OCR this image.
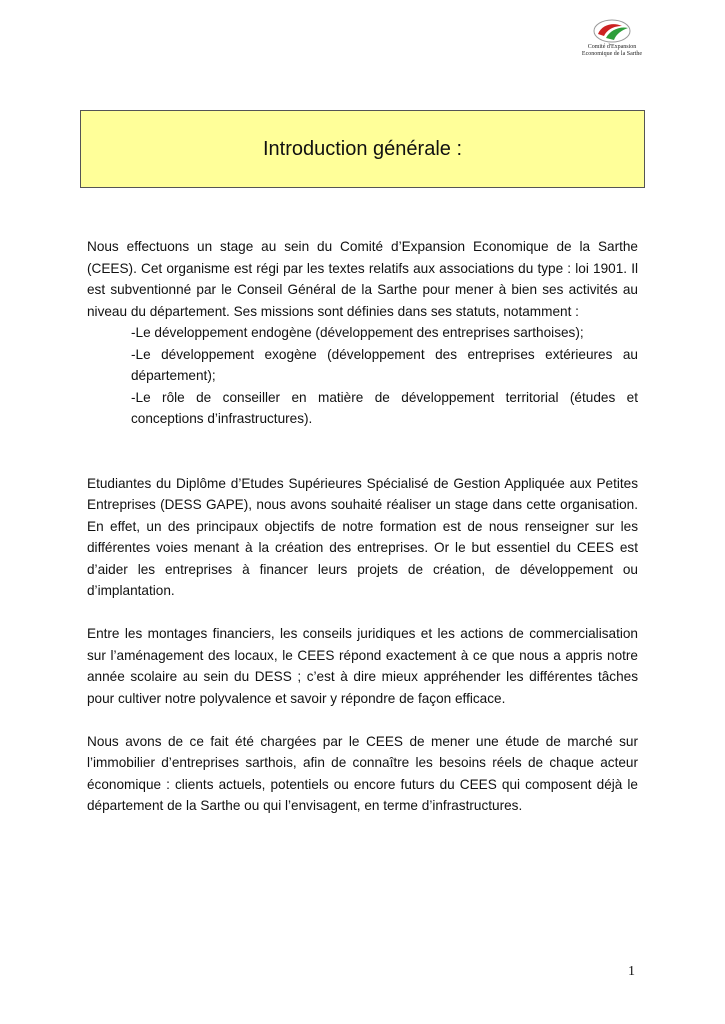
Comité d'Expansion
Economique de la Sarthe
Introduction générale :

Nous effectuons un stage au sein du Comité d’Expansion Economique de la Sarthe (CEES). Cet organisme est régi par les textes relatifs aux associations du type : loi 1901. Il est subventionné par le Conseil Général de la Sarthe pour mener à bien ses activités au niveau du département. Ses missions sont définies dans ses statuts, notamment :

-Le développement endogène (développement des entreprises sarthoises);

-Le développement exogène (développement des entreprises extérieures au département);

-Le rôle de conseiller en matière de développement territorial (études et conceptions d’infrastructures).

Etudiantes du Diplôme d’Etudes Supérieures Spécialisé de Gestion Appliquée aux Petites Entreprises (DESS GAPE), nous avons souhaité réaliser un stage dans cette organisation. En effet, un des principaux objectifs de notre formation est de nous renseigner sur les différentes voies menant à la création des entreprises. Or le but essentiel du CEES est d’aider les entreprises à financer leurs projets de création, de développement ou d’implantation.

Entre les montages financiers, les conseils juridiques et les actions de commercialisation sur l’aménagement des locaux, le CEES répond exactement à ce que nous a appris notre année scolaire au sein du DESS ; c’est à dire mieux appréhender les différentes tâches pour cultiver notre polyvalence et savoir y répondre de façon efficace.

Nous avons de ce fait été chargées par le CEES de mener une étude de marché sur l’immobilier d’entreprises sarthois, afin de connaître les besoins réels de chaque acteur économique : clients actuels, potentiels ou encore futurs du CEES qui composent déjà le département de la Sarthe ou qui l’envisagent, en terme d’infrastructures.

1
